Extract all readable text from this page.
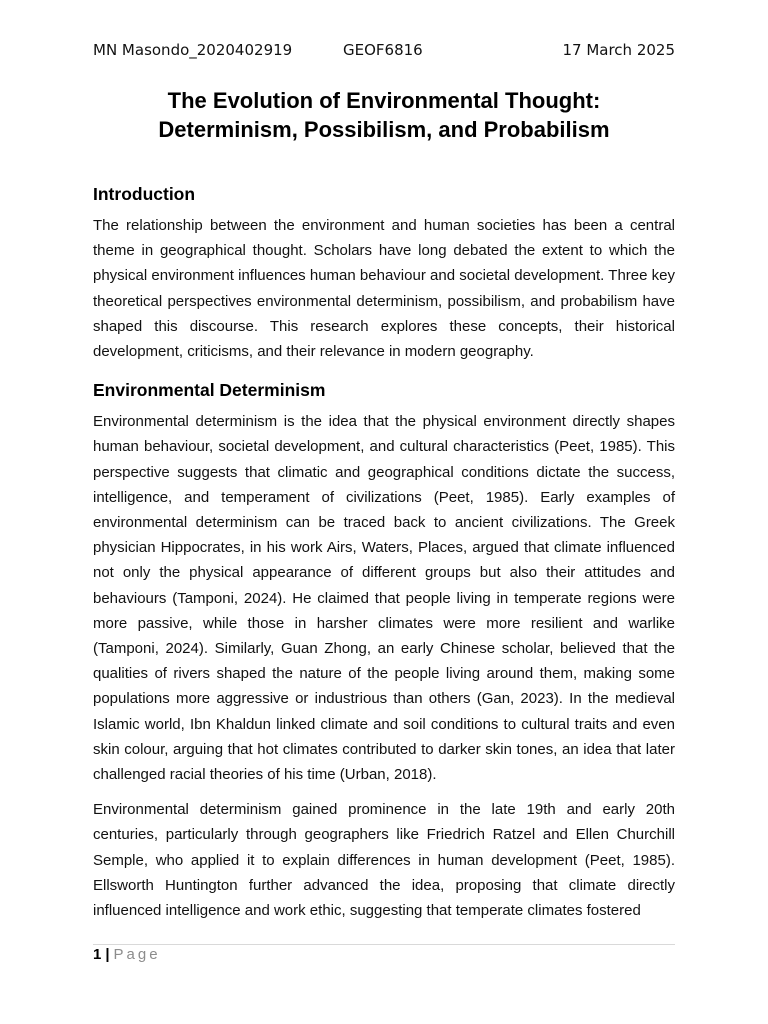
MN Masondo_2020402919	GEOF6816	17 March 2025
The Evolution of Environmental Thought:
Determinism, Possibilism, and Probabilism
Introduction

The relationship between the environment and human societies has been a central theme in geographical thought. Scholars have long debated the extent to which the physical environment influences human behaviour and societal development. Three key theoretical perspectives environmental determinism, possibilism, and probabilism have shaped this discourse. This research explores these concepts, their historical development, criticisms, and their relevance in modern geography.

Environmental Determinism

Environmental determinism is the idea that the physical environment directly shapes human behaviour, societal development, and cultural characteristics (Peet, 1985). This perspective suggests that climatic and geographical conditions dictate the success, intelligence, and temperament of civilizations (Peet, 1985). Early examples of environmental determinism can be traced back to ancient civilizations. The Greek physician Hippocrates, in his work Airs, Waters, Places, argued that climate influenced not only the physical appearance of different groups but also their attitudes and behaviours (Tamponi, 2024). He claimed that people living in temperate regions were more passive, while those in harsher climates were more resilient and warlike (Tamponi, 2024). Similarly, Guan Zhong, an early Chinese scholar, believed that the qualities of rivers shaped the nature of the people living around them, making some populations more aggressive or industrious than others (Gan, 2023). In the medieval Islamic world, Ibn Khaldun linked climate and soil conditions to cultural traits and even skin colour, arguing that hot climates contributed to darker skin tones, an idea that later challenged racial theories of his time (Urban, 2018).

Environmental determinism gained prominence in the late 19th and early 20th centuries, particularly through geographers like Friedrich Ratzel and Ellen Churchill Semple, who applied it to explain differences in human development (Peet, 1985). Ellsworth Huntington further advanced the idea, proposing that climate directly influenced intelligence and work ethic, suggesting that temperate climates fostered

1 | Page
